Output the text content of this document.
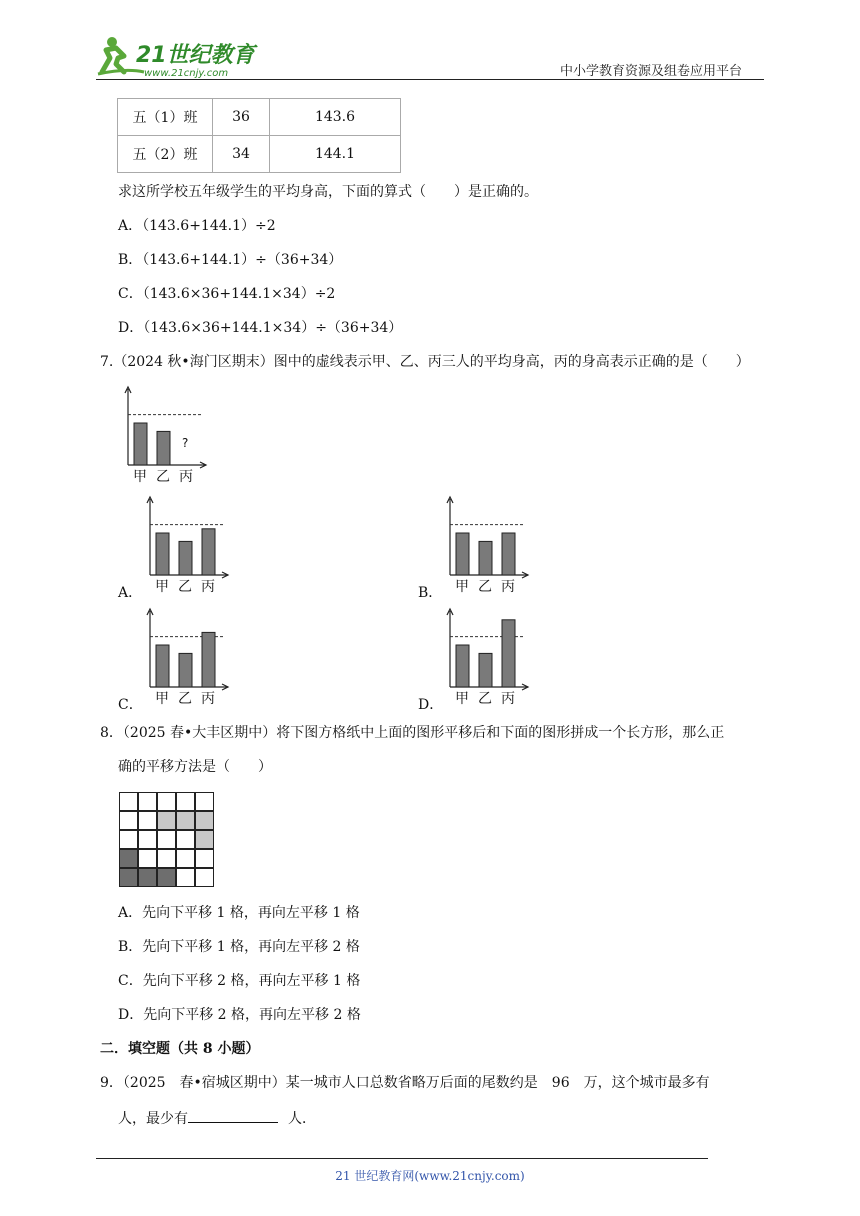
21世纪教育
www.21cnjy.com	中小学教育资源及组卷应用平台
五（1）班	36	143.6
五（2）班	34	144.1
求这所学校五年级学生的平均身高，下面的算式（　　）是正确的。
A．（143.6+144.1）÷2
B．（143.6+144.1）÷（36+34）
C．（143.6×36+144.1×34）÷2
D．（143.6×36+144.1×34）÷（36+34）
7.（2024 秋•海门区期末）图中的虚线表示甲、乙、丙三人的平均身高，丙的身高表示正确的是（　　）
?
甲 乙 丙
甲 乙 丙
A．	甲 乙 丙
B．
甲 乙 丙
C．	甲 乙 丙
D．
8．（2025 春•大丰区期中）将下图方格纸中上面的图形平移后和下面的图形拼成一个长方形，那么正
确的平移方法是（　　）
A．先向下平移 1 格，再向左平移 1 格
B．先向下平移 1 格，再向左平移 2 格
C．先向下平移 2 格，再向左平移 1 格
D．先向下平移 2 格，再向左平移 2 格
二．填空题（共 8 小题）
9．（2025　春•宿城区期中）某一城市人口总数省略万后面的尾数约是　96　万，这个城市最多有
人，最少有	人．
21 世纪教育网(www.21cnjy.com)
